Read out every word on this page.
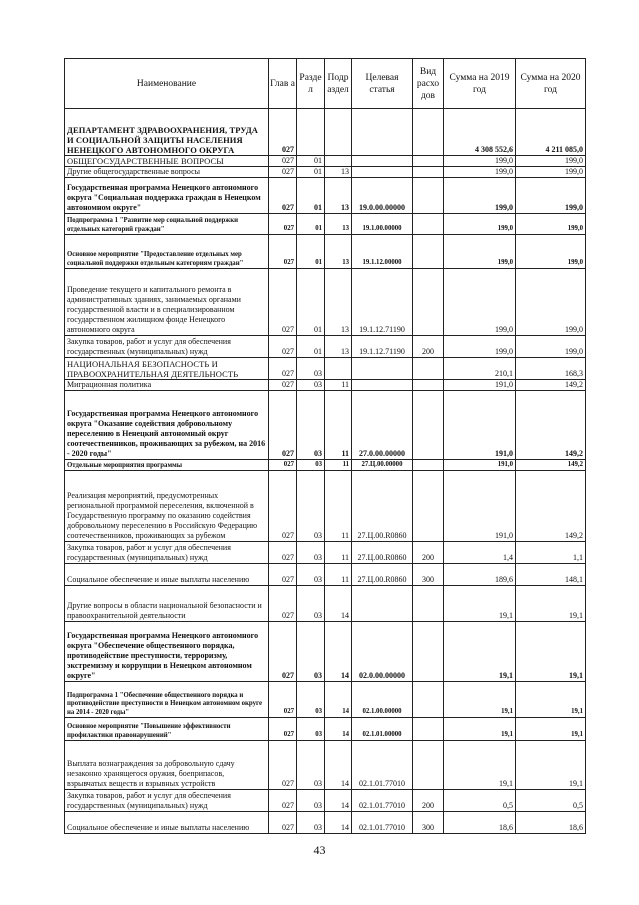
Наименование	Глав а	Разде л	Подр аздел	Целевая статья	Вид расхо дов	Сумма на 2019 год	Сумма на 2020 год
ДЕПАРТАМЕНТ ЗДРАВООХРАНЕНИЯ, ТРУДА И СОЦИАЛЬНОЙ ЗАЩИТЫ НАСЕЛЕНИЯ НЕНЕЦКОГО АВТОНОМНОГО ОКРУГА	027					4 308 552,6	4 211 085,0
ОБЩЕГОСУДАРСТВЕННЫЕ ВОПРОСЫ	027	01				199,0	199,0
Другие общегосударственные вопросы	027	01	13			199,0	199,0
Государственная программа Ненецкого автономного округа "Социальная поддержка граждан в Ненецком автономном округе"	027	01	13	19.0.00.00000		199,0	199,0
Подпрограмма 1 "Развитие мер социальной поддержки отдельных категорий граждан"	027	01	13	19.1.00.00000		199,0	199,0
Основное мероприятие "Предоставление отдельных мер социальной поддержки отдельным категориям граждан"	027	01	13	19.1.12.00000		199,0	199,0
Проведение текущего и капитального ремонта в административных зданиях, занимаемых органами государственной власти и в специализированном государственном жилищном фонде Ненецкого автономного округа	027	01	13	19.1.12.71190		199,0	199,0
Закупка товаров, работ и услуг для обеспечения государственных (муниципальных) нужд	027	01	13	19.1.12.71190	200	199,0	199,0
НАЦИОНАЛЬНАЯ БЕЗОПАСНОСТЬ И ПРАВООХРАНИТЕЛЬНАЯ ДЕЯТЕЛЬНОСТЬ	027	03				210,1	168,3
Миграционная политика	027	03	11			191,0	149,2
Государственная программа Ненецкого автономного округа "Оказание содействия добровольному переселению в Ненецкий автономный округ соотечественников, проживающих за рубежом, на 2016 - 2020 годы"	027	03	11	27.0.00.00000		191,0	149,2
Отдельные мероприятия программы	027	03	11	27.Ц.00.00000		191,0	149,2
Реализация мероприятий, предусмотренных региональной программой переселения, включенной в Государственную программу по оказанию содействия добровольному переселению в Российскую Федерацию соотечественников, проживающих за рубежом	027	03	11	27.Ц.00.R0860		191,0	149,2
Закупка товаров, работ и услуг для обеспечения государственных (муниципальных) нужд	027	03	11	27.Ц.00.R0860	200	1,4	1,1
Социальное обеспечение и иные выплаты населению	027	03	11	27.Ц.00.R0860	300	189,6	148,1
Другие вопросы в области национальной безопасности и правоохранительной деятельности	027	03	14			19,1	19,1
Государственная программа Ненецкого автономного округа "Обеспечение общественного порядка, противодействие преступности, терроризму, экстремизму и коррупции в Ненецком автономном округе"	027	03	14	02.0.00.00000		19,1	19,1
Подпрограмма 1 "Обеспечение общественного порядка и противодействие преступности в Ненецком автономном округе на 2014 - 2020 годы"	027	03	14	02.1.00.00000		19,1	19,1
Основное мероприятие "Повышение эффективности профилактики правонарушений"	027	03	14	02.1.01.00000		19,1	19,1
Выплата вознаграждения за добровольную сдачу незаконно хранящегося оружия, боеприпасов, взрывчатых веществ и взрывных устройств	027	03	14	02.1.01.77010		19,1	19,1
Закупка товаров, работ и услуг для обеспечения государственных (муниципальных) нужд	027	03	14	02.1.01.77010	200	0,5	0,5
Социальное обеспечение и иные выплаты населению	027	03	14	02.1.01.77010	300	18,6	18,6
43
